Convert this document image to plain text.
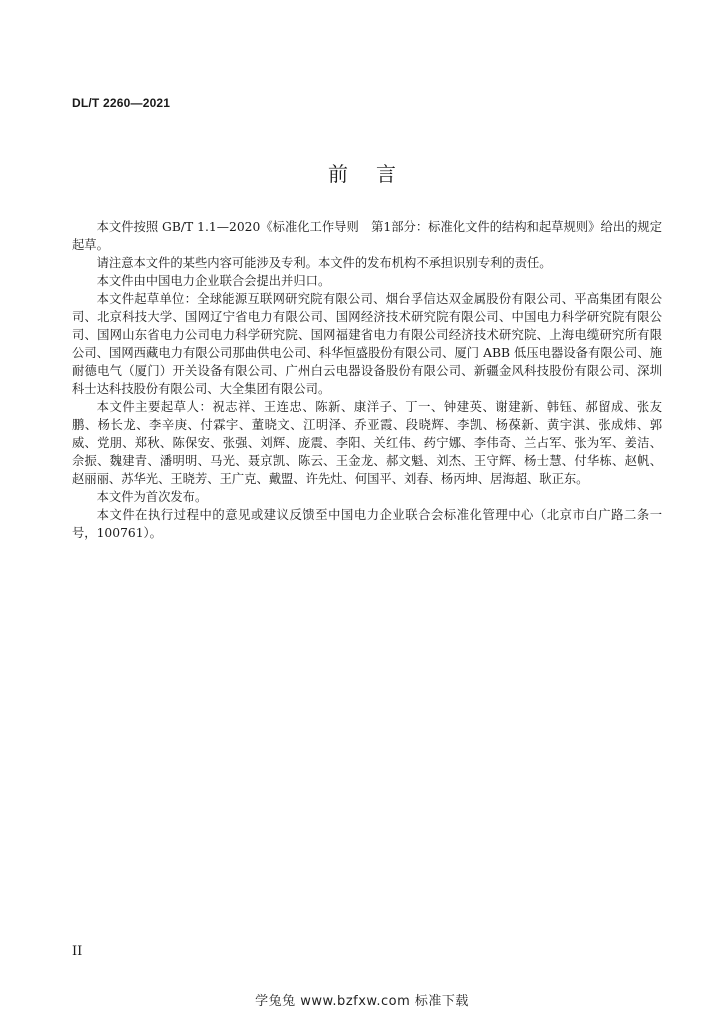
DL/T 2260—2021
前言

本文件按照 GB/T 1.1—2020《标准化工作导则　第1部分：标准化文件的结构和起草规则》给出的规定起草。

请注意本文件的某些内容可能涉及专利。本文件的发布机构不承担识别专利的责任。

本文件由中国电力企业联合会提出并归口。

本文件起草单位：全球能源互联网研究院有限公司、烟台孚信达双金属股份有限公司、平高集团有限公司、北京科技大学、国网辽宁省电力有限公司、国网经济技术研究院有限公司、中国电力科学研究院有限公司、国网山东省电力公司电力科学研究院、国网福建省电力有限公司经济技术研究院、上海电缆研究所有限公司、国网西藏电力有限公司那曲供电公司、科华恒盛股份有限公司、厦门 ABB 低压电器设备有限公司、施耐德电气（厦门）开关设备有限公司、广州白云电器设备股份有限公司、新疆金风科技股份有限公司、深圳科士达科技股份有限公司、大全集团有限公司。

本文件主要起草人：祝志祥、王连忠、陈新、康洋子、丁一、钟建英、谢建新、韩钰、郝留成、张友鹏、杨长龙、李辛庚、付霖宇、董晓文、江明泽、乔亚霞、段晓辉、李凯、杨葆新、黄宇淇、张成炜、郭威、党朋、郑秋、陈保安、张强、刘辉、庞震、李阳、关红伟、药宁娜、李伟奇、兰占军、张为军、姜洁、佘振、魏建青、潘明明、马光、聂京凯、陈云、王金龙、郝文魁、刘杰、王守辉、杨士慧、付华栋、赵帆、赵丽丽、苏华光、王晓芳、王广克、戴盟、许先灶、何国平、刘春、杨丙坤、居海超、耿正东。

本文件为首次发布。

本文件在执行过程中的意见或建议反馈至中国电力企业联合会标准化管理中心（北京市白广路二条一号，100761）。

II
学兔兔 www.bzfxw.com 标准下载
